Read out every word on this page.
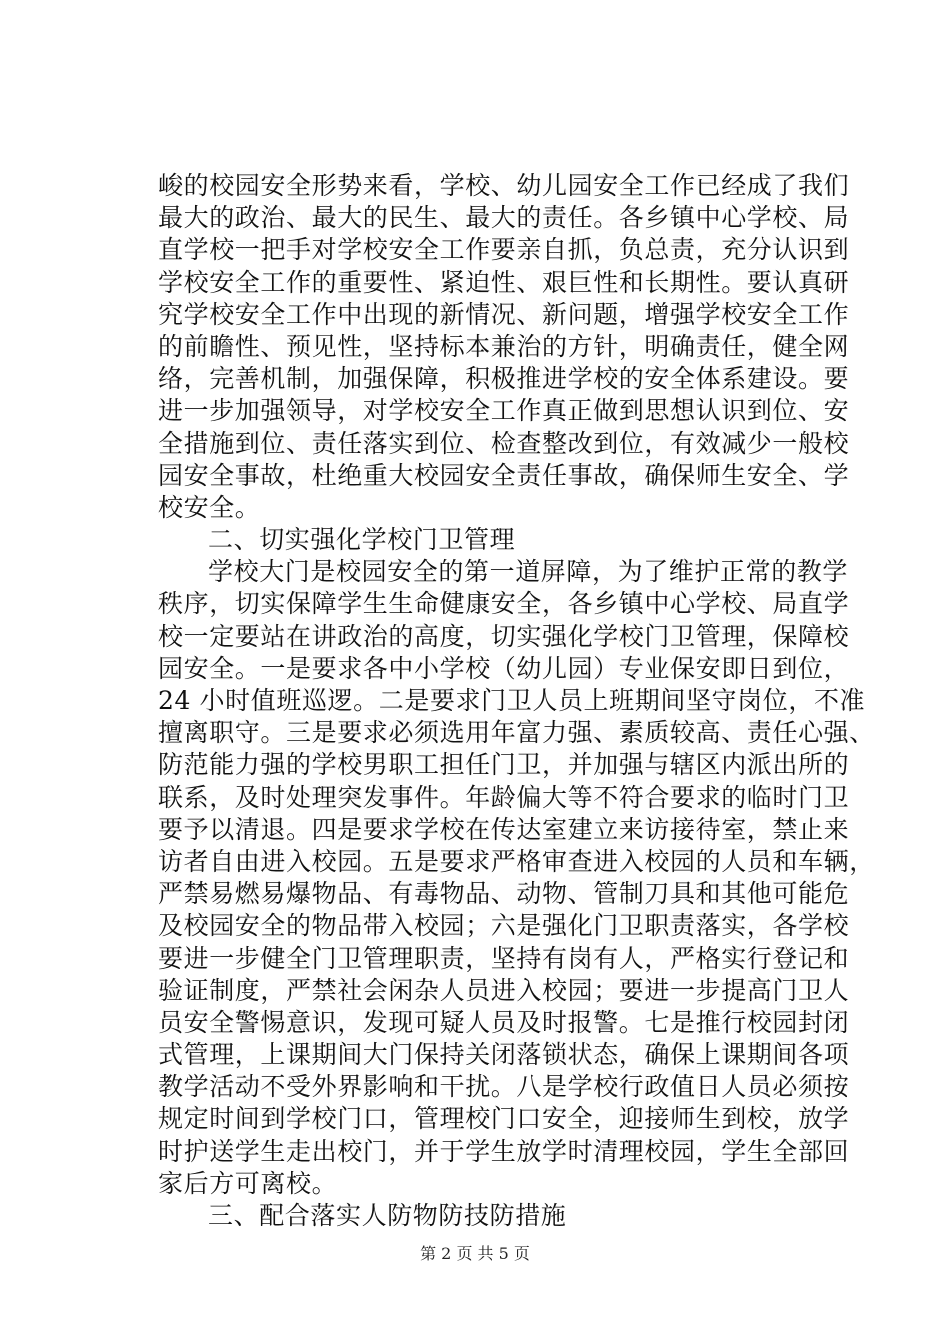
峻的校园安全形势来看，学校、幼儿园安全工作已经成了我们
最大的政治、最大的民生、最大的责任。各乡镇中心学校、局
直学校一把手对学校安全工作要亲自抓，负总责，充分认识到
学校安全工作的重要性、紧迫性、艰巨性和长期性。要认真研
究学校安全工作中出现的新情况、新问题，增强学校安全工作
的前瞻性、预见性，坚持标本兼治的方针，明确责任，健全网
络，完善机制，加强保障，积极推进学校的安全体系建设。要
进一步加强领导，对学校安全工作真正做到思想认识到位、安
全措施到位、责任落实到位、检查整改到位，有效减少一般校
园安全事故，杜绝重大校园安全责任事故，确保师生安全、学
校安全。
二、切实强化学校门卫管理
学校大门是校园安全的第一道屏障，为了维护正常的教学
秩序，切实保障学生生命健康安全，各乡镇中心学校、局直学
校一定要站在讲政治的高度，切实强化学校门卫管理，保障校
园安全。一是要求各中小学校（幼儿园）专业保安即日到位，
24 小时值班巡逻。二是要求门卫人员上班期间坚守岗位，不准
擅离职守。三是要求必须选用年富力强、素质较高、责任心强、
防范能力强的学校男职工担任门卫，并加强与辖区内派出所的
联系，及时处理突发事件。年龄偏大等不符合要求的临时门卫
要予以清退。四是要求学校在传达室建立来访接待室，禁止来
访者自由进入校园。五是要求严格审查进入校园的人员和车辆，
严禁易燃易爆物品、有毒物品、动物、管制刀具和其他可能危
及校园安全的物品带入校园；六是强化门卫职责落实，各学校
要进一步健全门卫管理职责，坚持有岗有人，严格实行登记和
验证制度，严禁社会闲杂人员进入校园；要进一步提高门卫人
员安全警惕意识，发现可疑人员及时报警。七是推行校园封闭
式管理，上课期间大门保持关闭落锁状态，确保上课期间各项
教学活动不受外界影响和干扰。八是学校行政值日人员必须按
规定时间到学校门口，管理校门口安全，迎接师生到校，放学
时护送学生走出校门，并于学生放学时清理校园，学生全部回
家后方可离校。
三、配合落实人防物防技防措施
第 2 页 共 5 页
